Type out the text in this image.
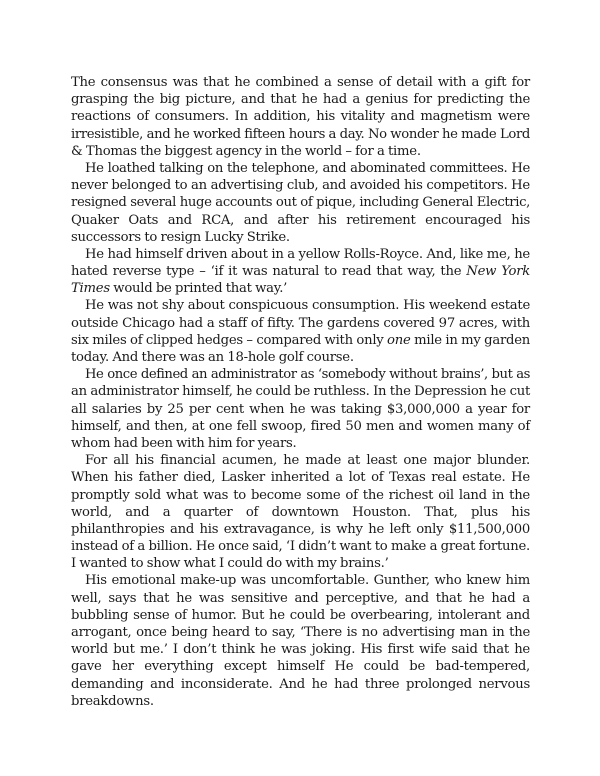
The consensus was that he combined a sense of detail with a gift for
grasping the big picture, and that he had a genius for predicting the
reactions of consumers. In addition, his vitality and magnetism were
irresistible, and he worked fifteen hours a day. No wonder he made Lord
& Thomas the biggest agency in the world – for a time.
He loathed talking on the telephone, and abominated committees. He
never belonged to an advertising club, and avoided his competitors. He
resigned several huge accounts out of pique, including General Electric,
Quaker Oats and RCA, and after his retirement encouraged his
successors to resign Lucky Strike.
He had himself driven about in a yellow Rolls-Royce. And, like me, he
hated reverse type – ‘if it was natural to read that way, the New York
Times would be printed that way.’
He was not shy about conspicuous consumption. His weekend estate
outside Chicago had a staff of fifty. The gardens covered 97 acres, with
six miles of clipped hedges – compared with only one mile in my garden
today. And there was an 18-hole golf course.
He once defined an administrator as ‘somebody without brains’, but as
an administrator himself, he could be ruthless. In the Depression he cut
all salaries by 25 per cent when he was taking $3,000,000 a year for
himself, and then, at one fell swoop, fired 50 men and women many of
whom had been with him for years.
For all his financial acumen, he made at least one major blunder.
When his father died, Lasker inherited a lot of Texas real estate. He
promptly sold what was to become some of the richest oil land in the
world, and a quarter of downtown Houston. That, plus his
philanthropies and his extravagance, is why he left only $11,500,000
instead of a billion. He once said, ‘I didn’t want to make a great fortune.
I wanted to show what I could do with my brains.’
His emotional make-up was uncomfortable. Gunther, who knew him
well, says that he was sensitive and perceptive, and that he had a
bubbling sense of humor. But he could be overbearing, intolerant and
arrogant, once being heard to say, ‘There is no advertising man in the
world but me.’ I don’t think he was joking. His first wife said that he
gave her everything except himself He could be bad-tempered,
demanding and inconsiderate. And he had three prolonged nervous
breakdowns.
